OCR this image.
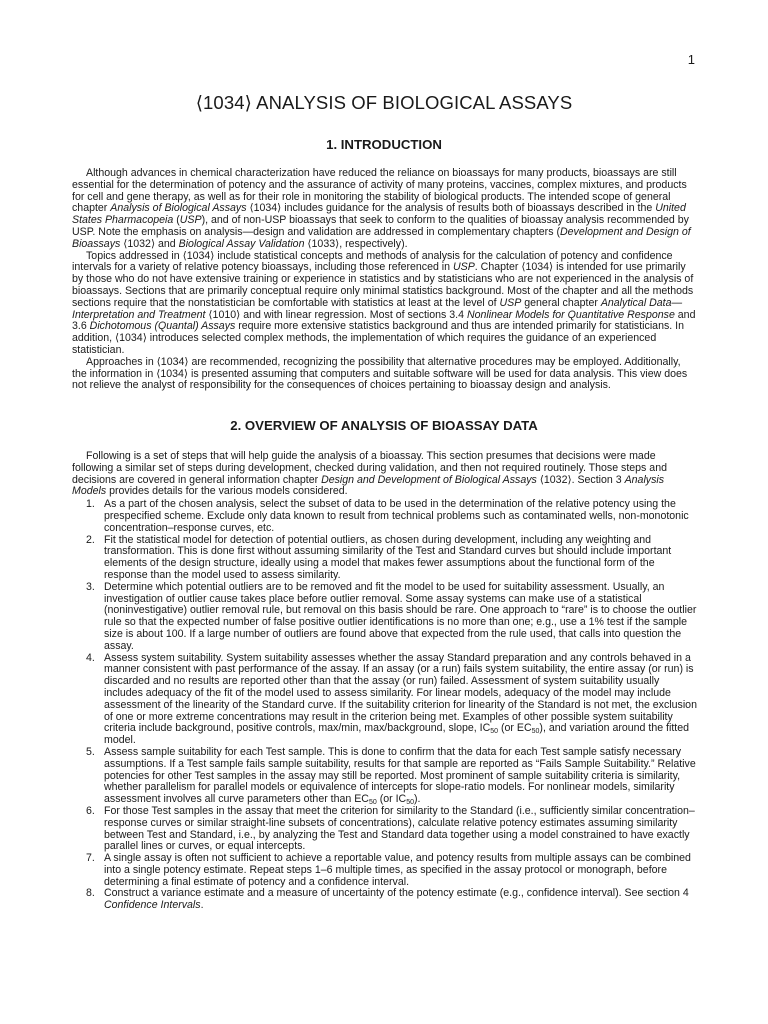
1
⟨1034⟩ ANALYSIS OF BIOLOGICAL ASSAYS
1. INTRODUCTION

Although advances in chemical characterization have reduced the reliance on bioassays for many products, bioassays are still essential for the determination of potency and the assurance of activity of many proteins, vaccines, complex mixtures, and products for cell and gene therapy, as well as for their role in monitoring the stability of biological products. The intended scope of general chapter Analysis of Biological Assays ⟨1034⟩ includes guidance for the analysis of results both of bioassays described in the United States Pharmacopeia (USP), and of non-USP bioassays that seek to conform to the qualities of bioassay analysis recommended by USP. Note the emphasis on analysis—design and validation are addressed in complementary chapters (Development and Design of Bioassays ⟨1032⟩ and Biological Assay Validation ⟨1033⟩, respectively).

Topics addressed in ⟨1034⟩ include statistical concepts and methods of analysis for the calculation of potency and confidence intervals for a variety of relative potency bioassays, including those referenced in USP. Chapter ⟨1034⟩ is intended for use primarily by those who do not have extensive training or experience in statistics and by statisticians who are not experienced in the analysis of bioassays. Sections that are primarily conceptual require only minimal statistics background. Most of the chapter and all the methods sections require that the nonstatistician be comfortable with statistics at least at the level of USP general chapter Analytical Data—Interpretation and Treatment ⟨1010⟩ and with linear regression. Most of sections 3.4 Nonlinear Models for Quantitative Response and 3.6 Dichotomous (Quantal) Assays require more extensive statistics background and thus are intended primarily for statisticians. In addition, ⟨1034⟩ introduces selected complex methods, the implementation of which requires the guidance of an experienced statistician.

Approaches in ⟨1034⟩ are recommended, recognizing the possibility that alternative procedures may be employed. Additionally, the information in ⟨1034⟩ is presented assuming that computers and suitable software will be used for data analysis. This view does not relieve the analyst of responsibility for the consequences of choices pertaining to bioassay design and analysis.

2. OVERVIEW OF ANALYSIS OF BIOASSAY DATA

Following is a set of steps that will help guide the analysis of a bioassay. This section presumes that decisions were made following a similar set of steps during development, checked during validation, and then not required routinely. Those steps and decisions are covered in general information chapter Design and Development of Biological Assays ⟨1032⟩. Section 3 Analysis Models provides details for the various models considered.

1. As a part of the chosen analysis, select the subset of data to be used in the determination of the relative potency using the prespecified scheme. Exclude only data known to result from technical problems such as contaminated wells, non-monotonic concentration–response curves, etc.
2. Fit the statistical model for detection of potential outliers, as chosen during development, including any weighting and transformation. This is done first without assuming similarity of the Test and Standard curves but should include important elements of the design structure, ideally using a model that makes fewer assumptions about the functional form of the response than the model used to assess similarity.
3. Determine which potential outliers are to be removed and fit the model to be used for suitability assessment. Usually, an investigation of outlier cause takes place before outlier removal. Some assay systems can make use of a statistical (noninvestigative) outlier removal rule, but removal on this basis should be rare. One approach to “rare” is to choose the outlier rule so that the expected number of false positive outlier identifications is no more than one; e.g., use a 1% test if the sample size is about 100. If a large number of outliers are found above that expected from the rule used, that calls into question the assay.
4. Assess system suitability. System suitability assesses whether the assay Standard preparation and any controls behaved in a manner consistent with past performance of the assay. If an assay (or a run) fails system suitability, the entire assay (or run) is discarded and no results are reported other than that the assay (or run) failed. Assessment of system suitability usually includes adequacy of the fit of the model used to assess similarity. For linear models, adequacy of the model may include assessment of the linearity of the Standard curve. If the suitability criterion for linearity of the Standard is not met, the exclusion of one or more extreme concentrations may result in the criterion being met. Examples of other possible system suitability criteria include background, positive controls, max/min, max/background, slope, $IC_{50}$ (or $EC_{50}$), and variation around the fitted model.
5. Assess sample suitability for each Test sample. This is done to confirm that the data for each Test sample satisfy necessary assumptions. If a Test sample fails sample suitability, results for that sample are reported as “Fails Sample Suitability.” Relative potencies for other Test samples in the assay may still be reported. Most prominent of sample suitability criteria is similarity, whether parallelism for parallel models or equivalence of intercepts for slope-ratio models. For nonlinear models, similarity assessment involves all curve parameters other than $EC_{50}$ (or $IC_{50}$).
6. For those Test samples in the assay that meet the criterion for similarity to the Standard (i.e., sufficiently similar concentration–response curves or similar straight-line subsets of concentrations), calculate relative potency estimates assuming similarity between Test and Standard, i.e., by analyzing the Test and Standard data together using a model constrained to have exactly parallel lines or curves, or equal intercepts.
7. A single assay is often not sufficient to achieve a reportable value, and potency results from multiple assays can be combined into a single potency estimate. Repeat steps 1–6 multiple times, as specified in the assay protocol or monograph, before determining a final estimate of potency and a confidence interval.
8. Construct a variance estimate and a measure of uncertainty of the potency estimate (e.g., confidence interval). See section 4 Confidence Intervals.
